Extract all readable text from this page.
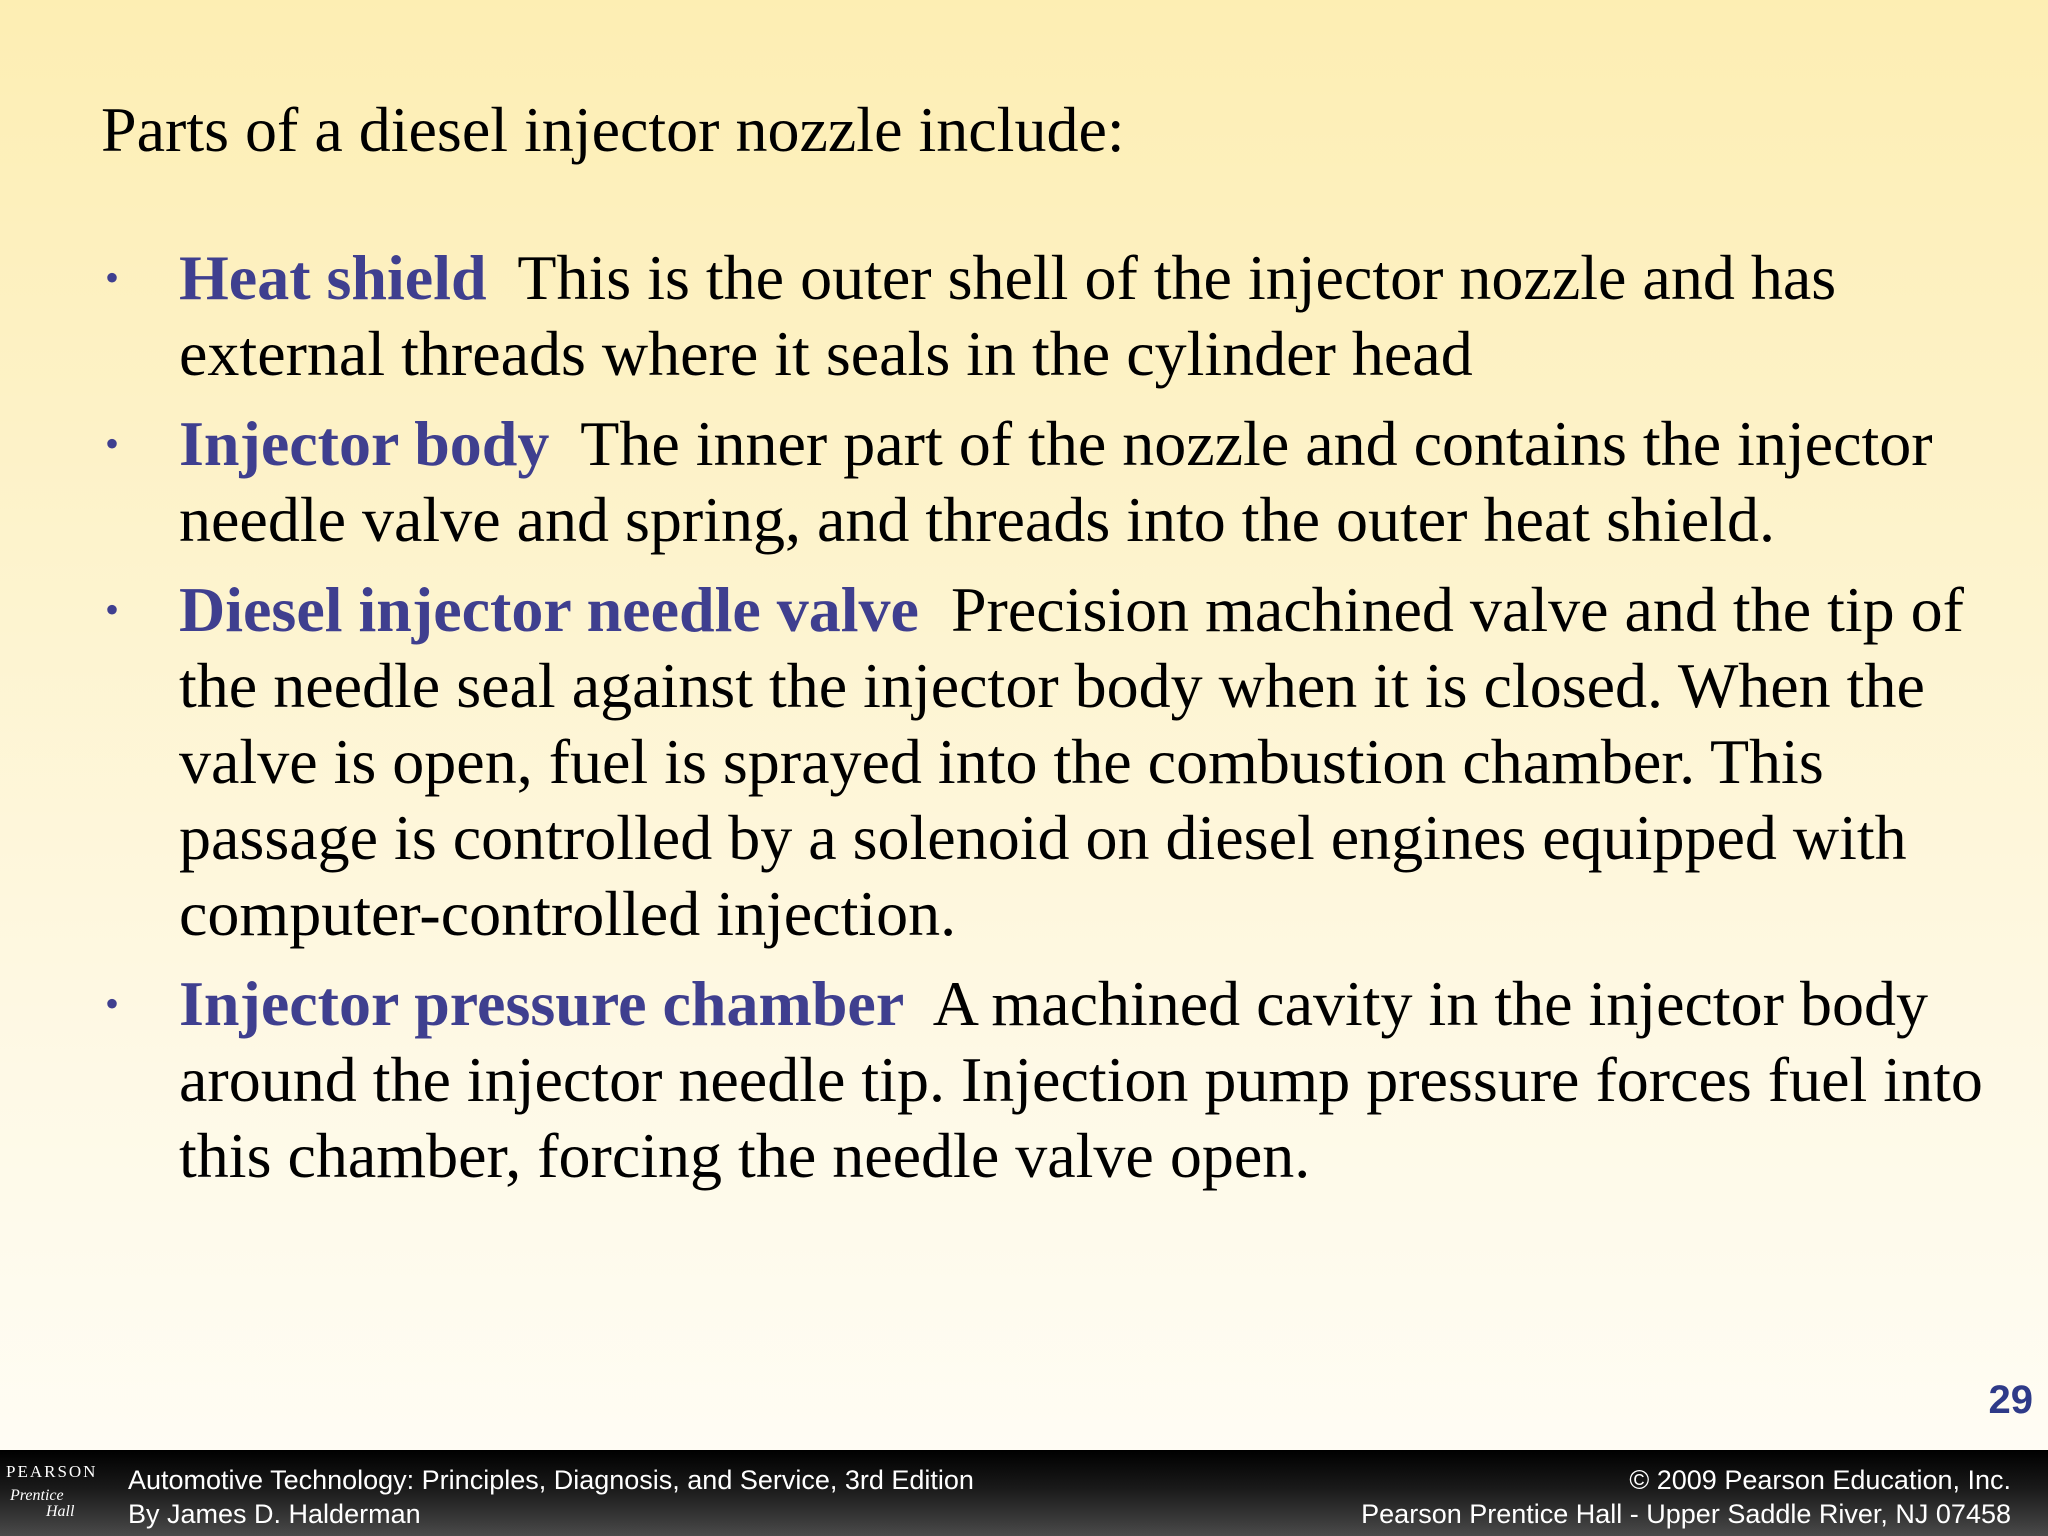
Parts of a diesel injector nozzle include:
• Heat shield This is the outer shell of the injector nozzle and has external threads where it seals in the cylinder head
• Injector body The inner part of the nozzle and contains the injector needle valve and spring, and threads into the outer heat shield.
• Diesel injector needle valve Precision machined valve and the tip of the needle seal against the injector body when it is closed. When the valve is open, fuel is sprayed into the combustion chamber. This passage is controlled by a solenoid on diesel engines equipped with computer-controlled injection.
• Injector pressure chamber A machined cavity in the injector body around the injector needle tip. Injection pump pressure forces fuel into this chamber, forcing the needle valve open.
29
PEARSON
Prentice
Hall
Automotive Technology: Principles, Diagnosis, and Service, 3rd Edition
By James D. Halderman
© 2009 Pearson Education, Inc.
Pearson Prentice Hall - Upper Saddle River, NJ 07458
